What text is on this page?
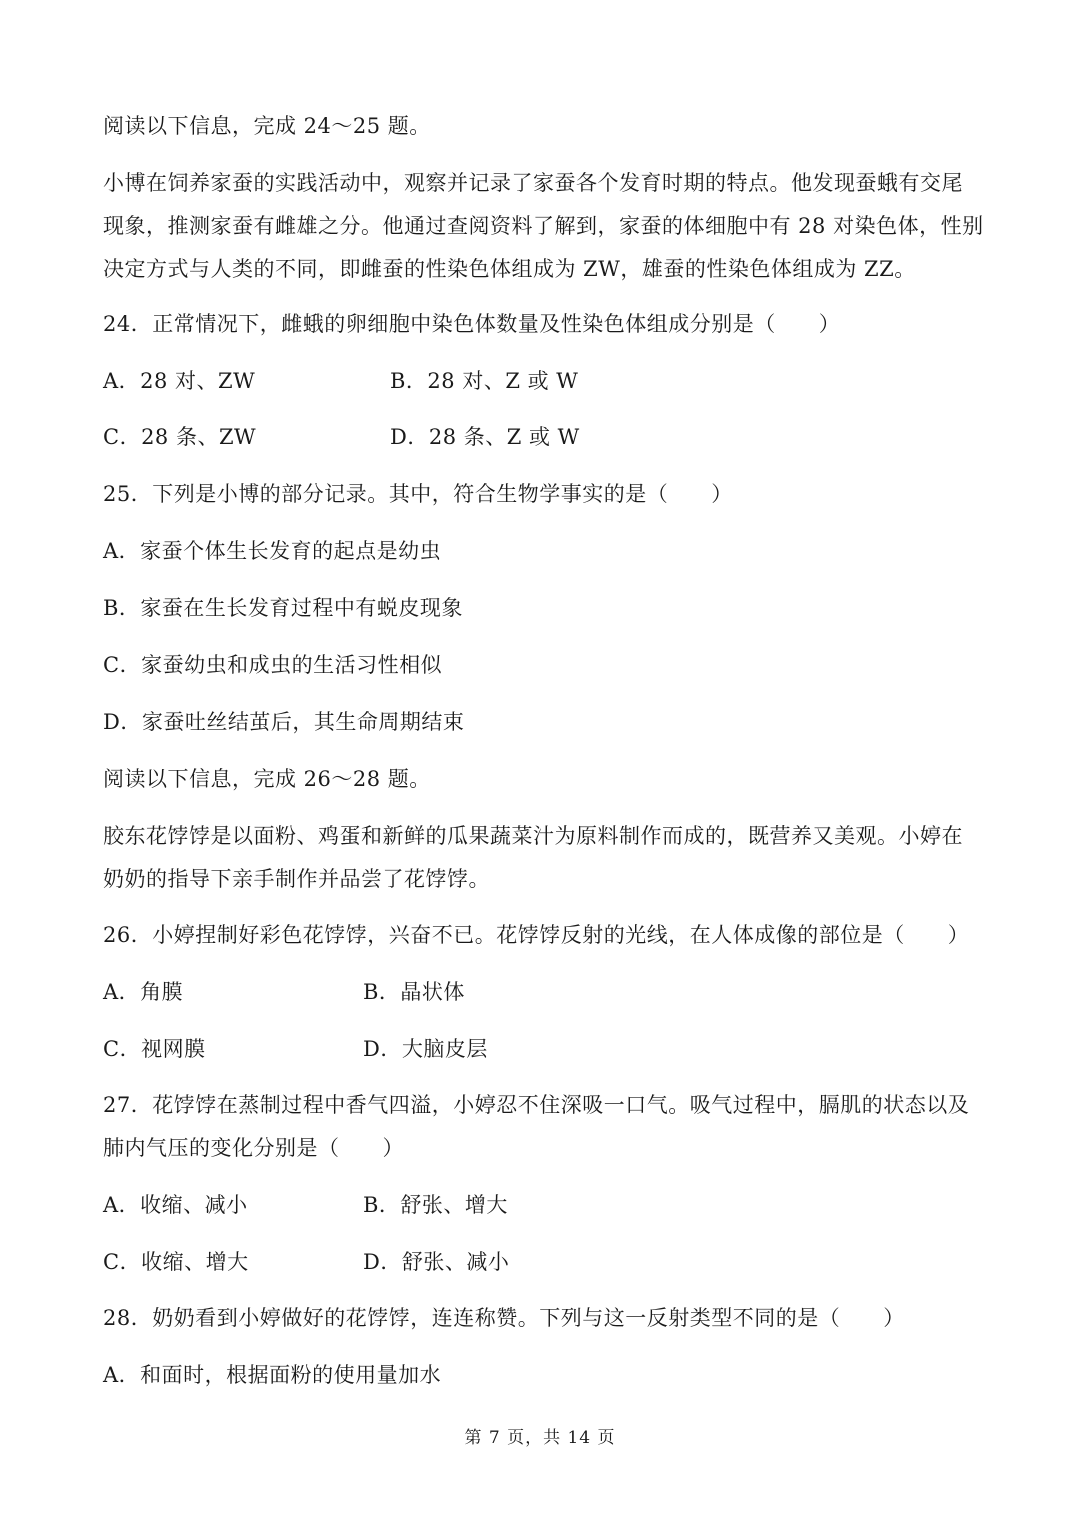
阅读以下信息，完成 24～25 题。
小博在饲养家蚕的实践活动中，观察并记录了家蚕各个发育时期的特点。他发现蚕蛾有交尾
现象，推测家蚕有雌雄之分。他通过查阅资料了解到，家蚕的体细胞中有 28 对染色体，性别
决定方式与人类的不同，即雌蚕的性染色体组成为 ZW，雄蚕的性染色体组成为 ZZ。
24．正常情况下，雌蛾的卵细胞中染色体数量及性染色体组成分别是（　　）
A．28 对、ZW	B．28 对、Z 或 W
C．28 条、ZW	D．28 条、Z 或 W
25．下列是小博的部分记录。其中，符合生物学事实的是（　　）
A．家蚕个体生长发育的起点是幼虫
B．家蚕在生长发育过程中有蜕皮现象
C．家蚕幼虫和成虫的生活习性相似
D．家蚕吐丝结茧后，其生命周期结束
阅读以下信息，完成 26～28 题。
胶东花饽饽是以面粉、鸡蛋和新鲜的瓜果蔬菜汁为原料制作而成的，既营养又美观。小婷在
奶奶的指导下亲手制作并品尝了花饽饽。
26．小婷捏制好彩色花饽饽，兴奋不已。花饽饽反射的光线，在人体成像的部位是（　　）
A．角膜	B．晶状体
C．视网膜	D．大脑皮层
27．花饽饽在蒸制过程中香气四溢，小婷忍不住深吸一口气。吸气过程中，膈肌的状态以及
肺内气压的变化分别是（　　）
A．收缩、减小	B．舒张、增大
C．收缩、增大	D．舒张、减小
28．奶奶看到小婷做好的花饽饽，连连称赞。下列与这一反射类型不同的是（　　）
A．和面时，根据面粉的使用量加水
第 7 页，共 14 页
